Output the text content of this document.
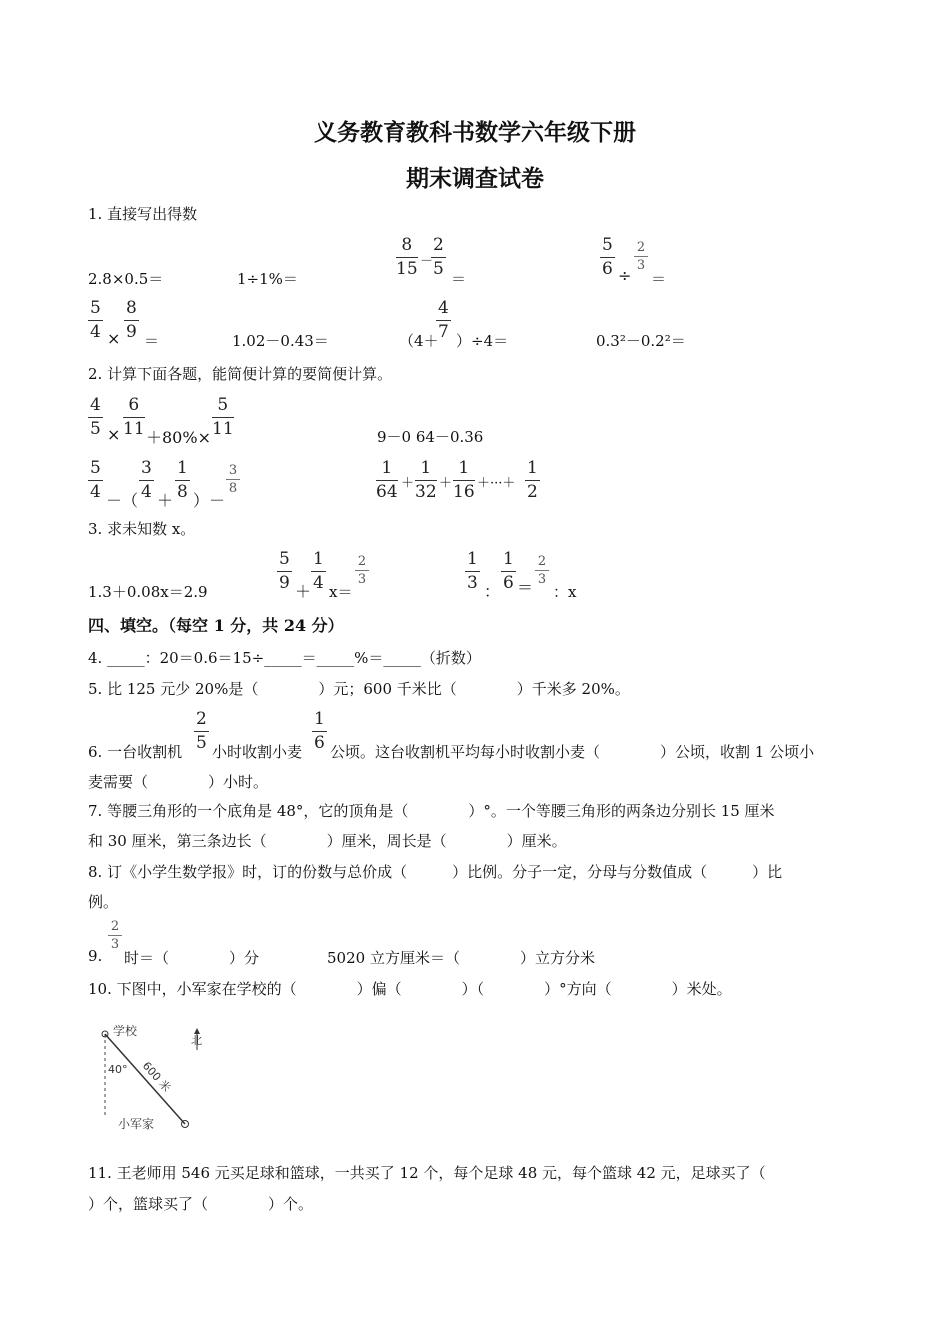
义务教育教科书数学六年级下册
期末调查试卷
1. 直接写出得数
2.8×0.5＝	1÷1%＝
8
15 －
2
5 ＝
5
6 ÷
2
3
＝
5
4 ×
8
9 ＝	1.02－0.43＝	（4＋
4
7 ）÷4＝	0.3²－0.2²＝
2. 计算下面各题，能简便计算的要简便计算。
4
5 ×
6
11 ＋80%×
5
11	9－0 64－0.36
5
4 －（
3
4 ＋
1
8 ）－
3
8
1
64 ＋
1
32 ＋
1
16 ＋···＋
1
2
3. 求未知数 x。
1.3＋0.08x＝2.9
5
9 ＋
1
4 x＝
2
3
1
3 ：
1
6 ＝
2
3
：x
四、填空。（每空 1 分，共 24 分）
4. _____：20＝0.6＝15÷_____＝_____%＝_____（折数）
5. 比 125 元少 20%是（　　　　）元；600 千米比（　　　　）千米多 20%。
6. 一台收割机
2
5 小时收割小麦
1
6 公顷。这台收割机平均每小时收割小麦（　　　　）公顷，收割 1 公顷小
麦需要（　　　　）小时。
7. 等腰三角形的一个底角是 48°，它的顶角是（　　　　）°。一个等腰三角形的两条边分别长 15 厘米
和 30 厘米，第三条边长（　　　　）厘米，周长是（　　　　）厘米。
8. 订《小学生数学报》时，订的份数与总价成（　　　）比例。分子一定，分母与分数值成（　　　）比
例。
9.
2
3
时＝（　　　　）分	5020 立方厘米＝（　　　　）立方分米
10. 下图中，小军家在学校的（　　　　）偏（　　　　）（　　　　）°方向（　　　　）米处。
学校
北
40° 600 米
小军家
11. 王老师用 546 元买足球和篮球，一共买了 12 个，每个足球 48 元，每个篮球 42 元，足球买了（
）个，篮球买了（　　　　）个。
